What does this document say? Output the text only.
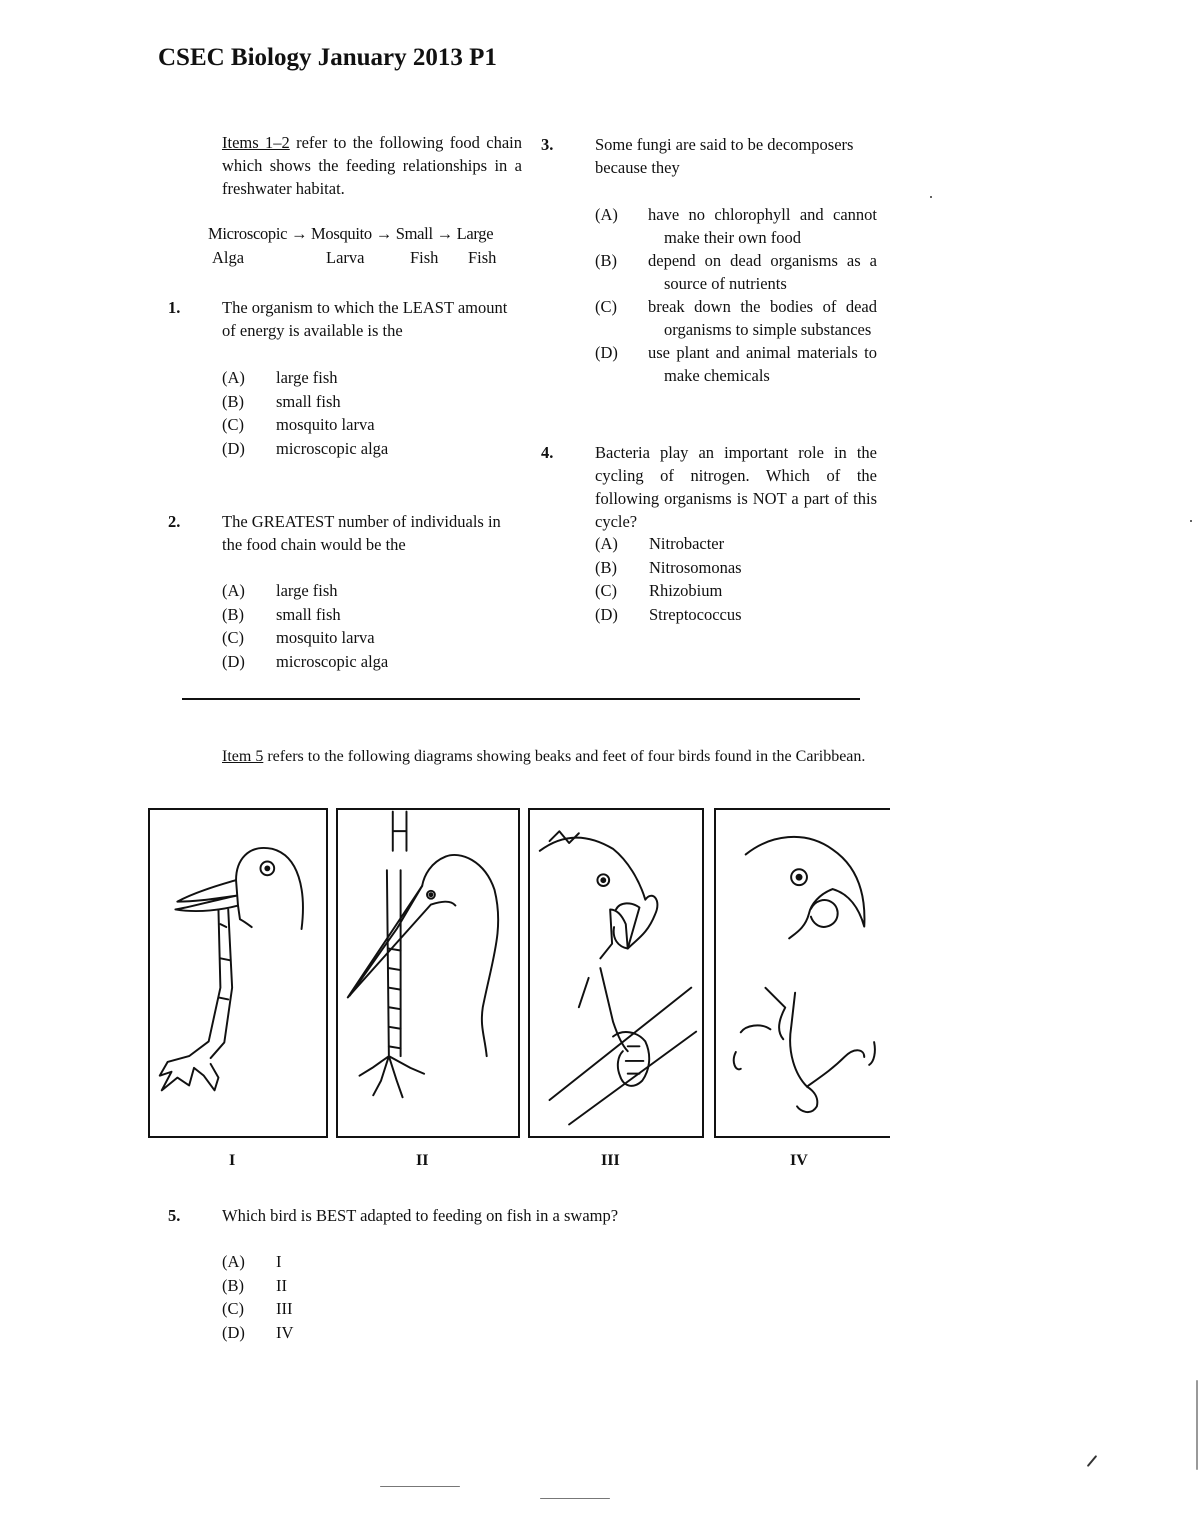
CSEC Biology January 2013 P1
Items 1–2 refer to the following food chain which shows the feeding relationships in a freshwater habitat.
Microscopic → Mosquito → Small → Large
Alga	Larva	Fish Fish
1.	The organism to which the LEAST amount of energy is available is the
(A)	large fish
(B)	small fish
(C)	mosquito larva
(D)	microscopic alga
2.	The GREATEST number of individuals in the food chain would be the
(A)	large fish
(B)	small fish
(C)	mosquito larva
(D)	microscopic alga
3.	Some fungi are said to be decomposers because they
(A)	have no chlorophyll and cannot
make their own food
(B)	depend on dead organisms as a
source of nutrients
(C)	break down the bodies of dead
organisms to simple substances
(D)	use plant and animal materials to
make chemicals
4.	Bacteria play an important role in the cycling of nitrogen. Which of the following organisms is NOT a part of this cycle?
(A)	Nitrobacter
(B)	Nitrosomonas
(C)	Rhizobium
(D)	Streptococcus
Item 5 refers to the following diagrams showing beaks and feet of four birds found in the Caribbean.
I	II	III	IV
5.	Which bird is BEST adapted to feeding on fish in a swamp?
(A)	I
(B)	II
(C)	III
(D)	IV
